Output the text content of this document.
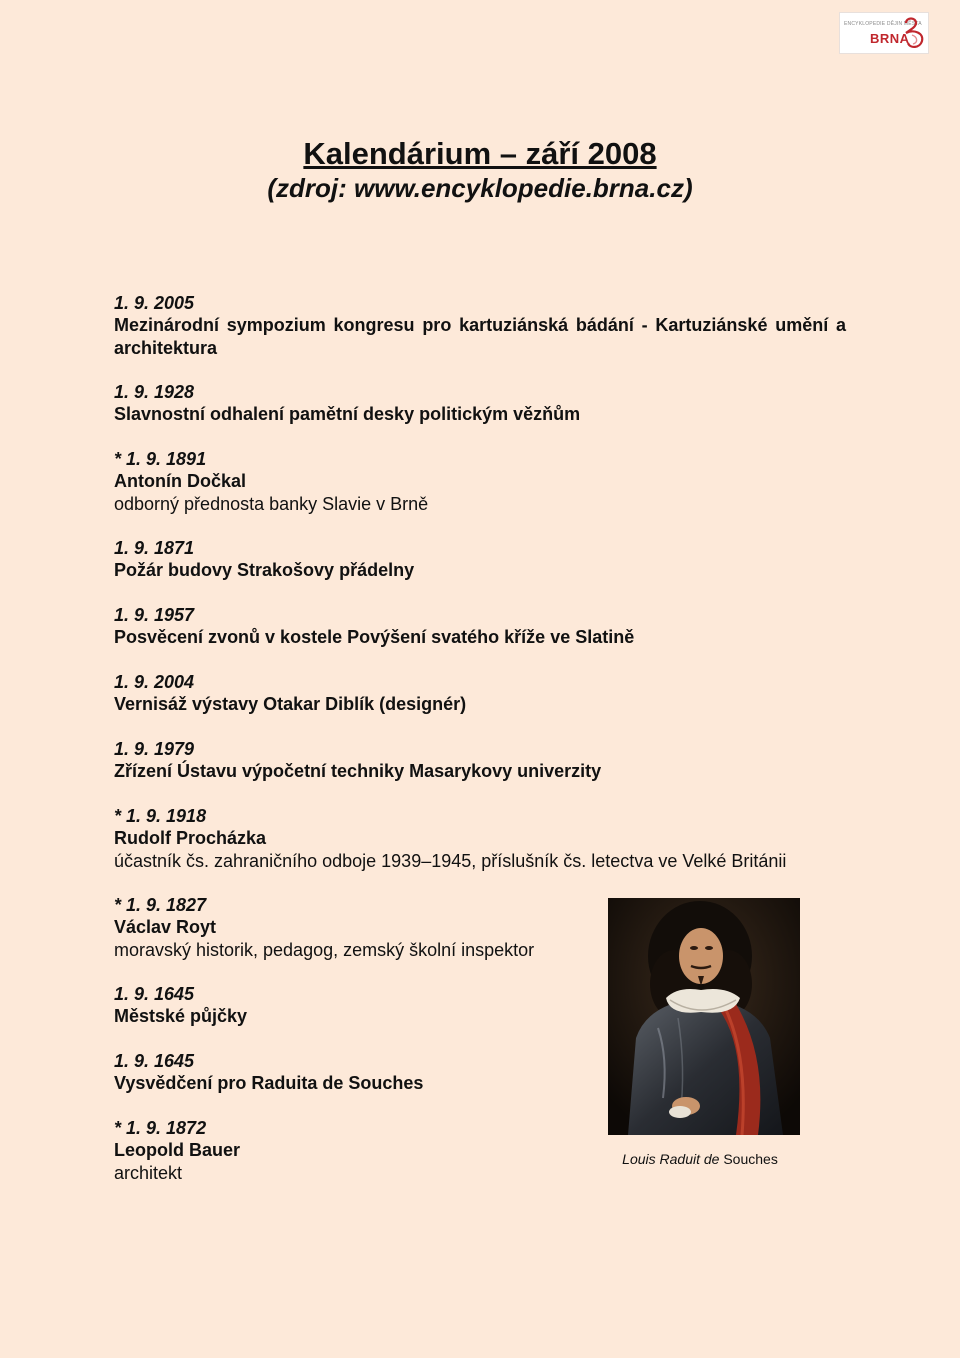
ENCYKLOPEDIE DĚJIN MĚSTA
BRNA
Kalendárium – září 2008

(zdroj: www.encyklopedie.brna.cz)

1. 9. 2005
Mezinárodní sympozium kongresu pro kartuziánská bádání - Kartuziánské umění a architektura
1. 9. 1928
Slavnostní odhalení pamětní desky politickým vězňům
* 1. 9. 1891
Antonín Dočkal
odborný přednosta banky Slavie v Brně
1. 9. 1871
Požár budovy Strakošovy přádelny
1. 9. 1957
Posvěcení zvonů v kostele Povýšení svatého kříže ve Slatině
1. 9. 2004
Vernisáž výstavy Otakar Diblík (designér)
1. 9. 1979
Zřízení Ústavu výpočetní techniky Masarykovy univerzity
* 1. 9. 1918
Rudolf Procházka
účastník čs. zahraničního odboje 1939–1945, příslušník čs. letectva ve Velké Británii
* 1. 9. 1827
Václav Royt
moravský historik, pedagog, zemský školní inspektor
1. 9. 1645
Městské půjčky
1. 9. 1645
Vysvědčení pro Raduita de Souches
* 1. 9. 1872
Leopold Bauer
architekt
Louis Raduit de Souches
